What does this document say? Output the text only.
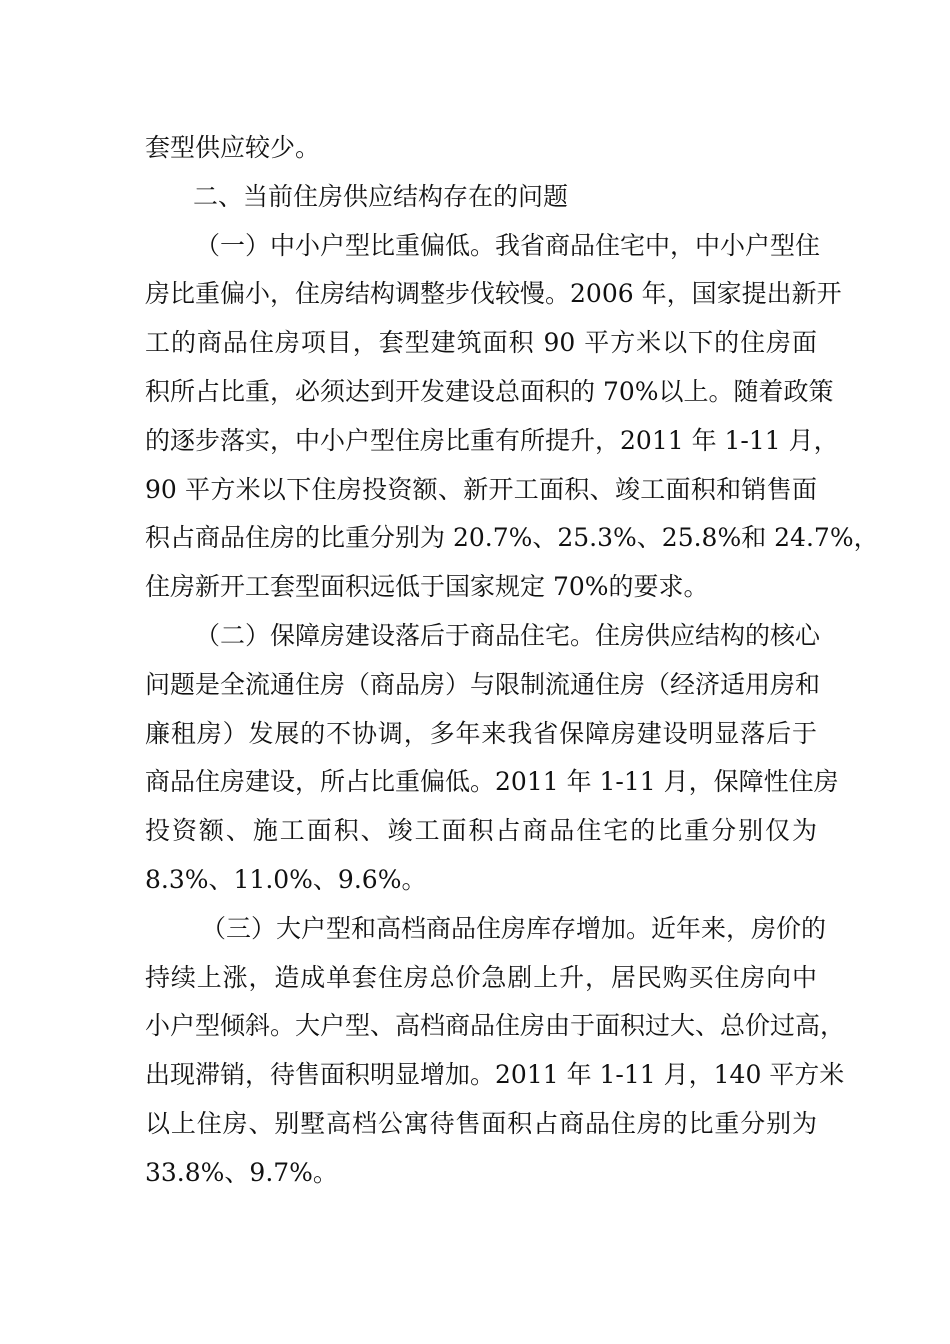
套型供应较少。
二、当前住房供应结构存在的问题
（一）中小户型比重偏低。我省商品住宅中，中小户型住
房比重偏小，住房结构调整步伐较慢。2006 年，国家提出新开
工的商品住房项目，套型建筑面积 90 平方米以下的住房面
积所占比重，必须达到开发建设总面积的 70%以上。随着政策
的逐步落实，中小户型住房比重有所提升，2011 年 1-11 月，
90 平方米以下住房投资额、新开工面积、竣工面积和销售面
积占商品住房的比重分别为 20.7%、25.3%、25.8%和 24.7%，
住房新开工套型面积远低于国家规定 70%的要求。
（二）保障房建设落后于商品住宅。住房供应结构的核心
问题是全流通住房（商品房）与限制流通住房（经济适用房和
廉租房）发展的不协调，多年来我省保障房建设明显落后于
商品住房建设，所占比重偏低。2011 年 1-11 月，保障性住房
投资额、施工面积、竣工面积占商品住宅的比重分别仅为
8.3%、11.0%、9.6%。
（三）大户型和高档商品住房库存增加。近年来，房价的
持续上涨，造成单套住房总价急剧上升，居民购买住房向中
小户型倾斜。大户型、高档商品住房由于面积过大、总价过高，
出现滞销，待售面积明显增加。2011 年 1-11 月，140 平方米
以上住房、别墅高档公寓待售面积占商品住房的比重分别为
33.8%、9.7%。
